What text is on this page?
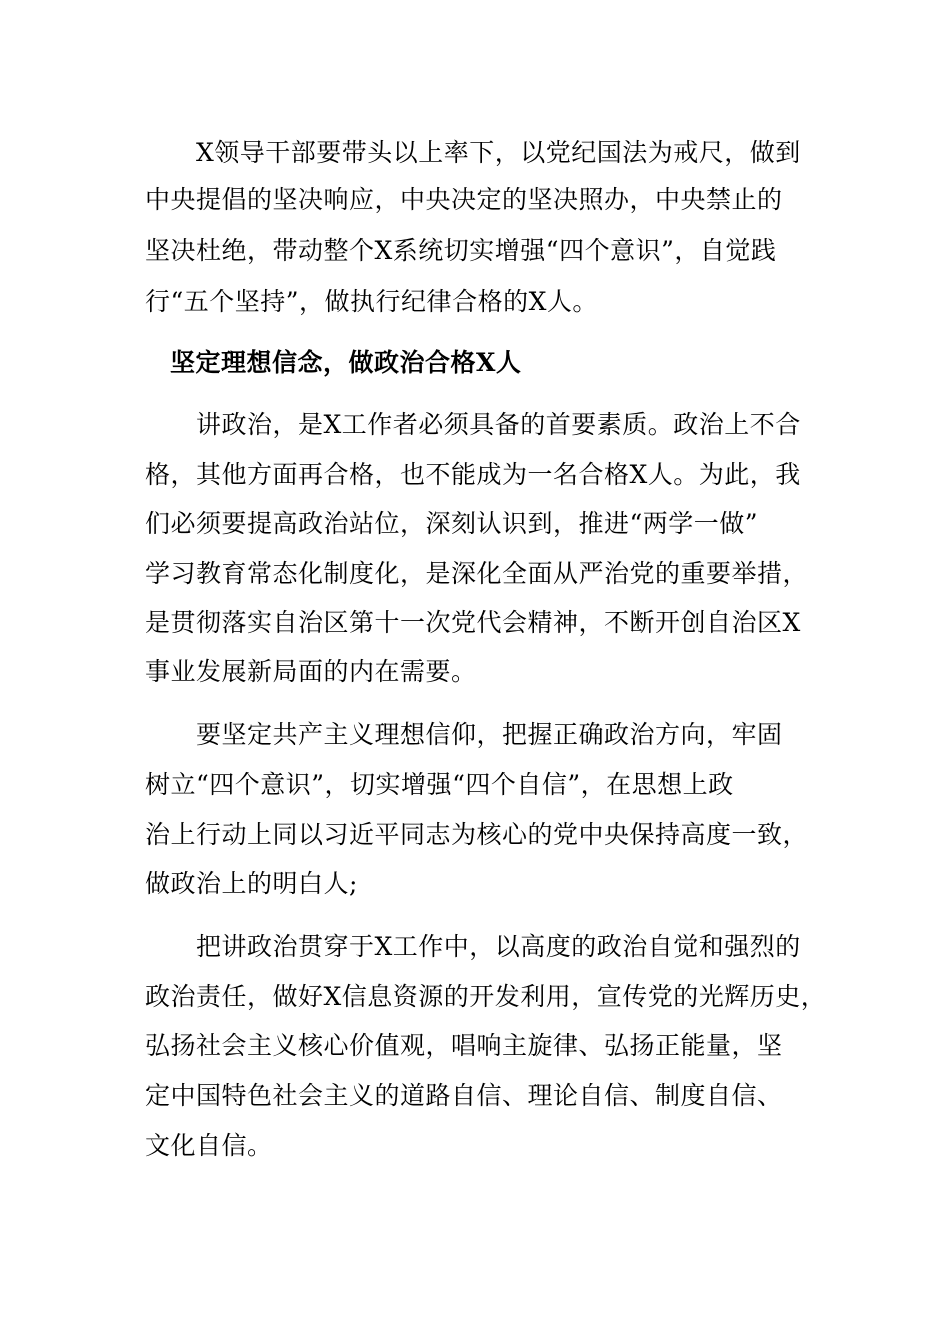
X领导干部要带头以上率下，以党纪国法为戒尺，做到
中央提倡的坚决响应，中央决定的坚决照办，中央禁止的
坚决杜绝，带动整个X系统切实增强“四个意识”，自觉践
行“五个坚持”，做执行纪律合格的X人。
坚定理想信念，做政治合格X人
讲政治，是X工作者必须具备的首要素质。政治上不合
格，其他方面再合格，也不能成为一名合格X人。为此，我
们必须要提高政治站位，深刻认识到，推进“两学一做”
学习教育常态化制度化，是深化全面从严治党的重要举措，
是贯彻落实自治区第十一次党代会精神，不断开创自治区X
事业发展新局面的内在需要。
要坚定共产主义理想信仰，把握正确政治方向，牢固
树立“四个意识”，切实增强“四个自信”，在思想上政
治上行动上同以习近平同志为核心的党中央保持高度一致，
做政治上的明白人;
把讲政治贯穿于X工作中，以高度的政治自觉和强烈的
政治责任，做好X信息资源的开发利用，宣传党的光辉历史，
弘扬社会主义核心价值观，唱响主旋律、弘扬正能量，坚
定中国特色社会主义的道路自信、理论自信、制度自信、
文化自信。
